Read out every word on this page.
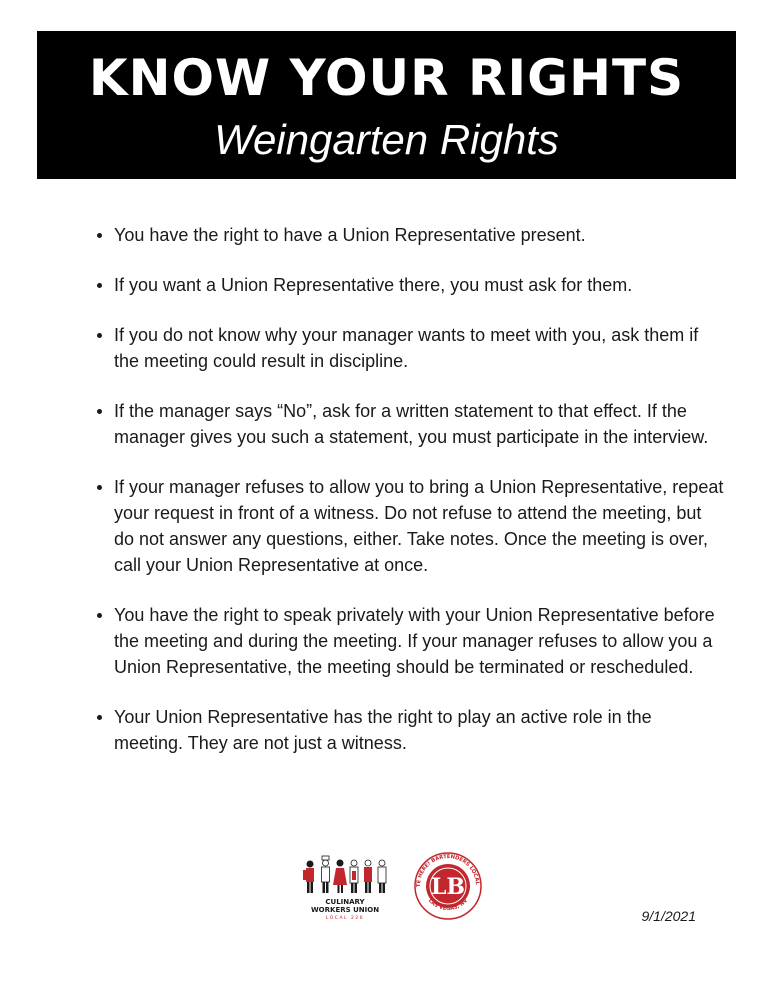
KNOW YOUR RIGHTS
Weingarten Rights
You have the right to have a Union Representative present.
If you want a Union Representative there, you must ask for them.
If you do not know why your manager wants to meet with you, ask them if the meeting could result in discipline.
If the manager says “No”, ask for a written statement to that effect. If the manager gives you such a statement, you must participate in the interview.
If your manager refuses to allow you to bring a Union Representative, repeat your request in front of a witness. Do not refuse to attend the meeting, but do not answer any questions, either. Take notes. Once the meeting is over, call your Union Representative at once.
You have the right to speak privately with your Union Representative before the meeting and during the meeting. If your manager refuses to allow you a Union Representative, the meeting should be terminated or rescheduled.
Your Union Representative has the right to play an active role in the meeting. They are not just a witness.
CULINARY
WORKERS UNION
LOCAL 226
LB
TE HERE! BARTENDERS LOCAL
LAS VEGAS, NV
9/1/2021
